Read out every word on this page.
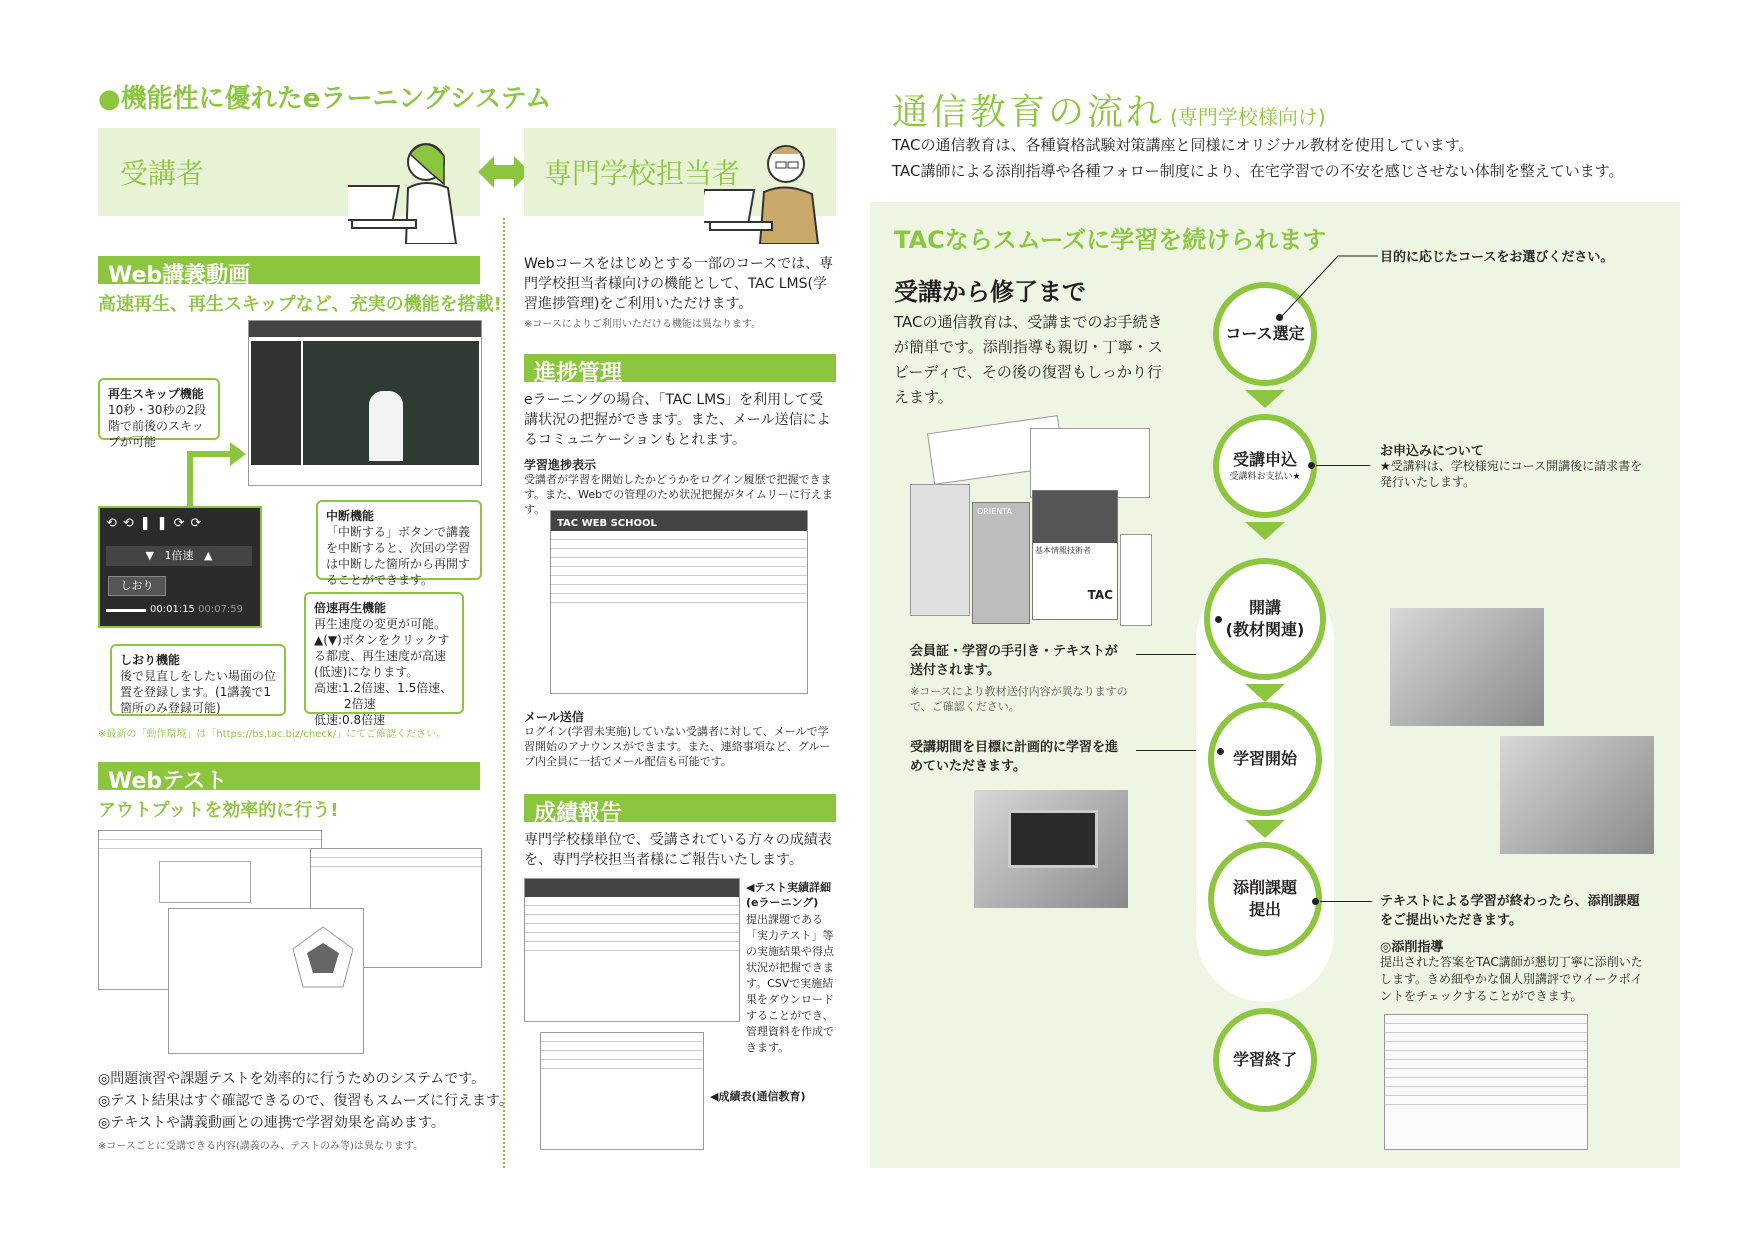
●機能性に優れたeラーニングシステム
受講者	専門学校担当者
Web講義動画
高速再生、再生スキップなど、充実の機能を搭載!
⟲⟲❚❚⟳⟳
▼ 1倍速 ▲
しおり
00:01:15 00:07:59
再生スキップ機能
10秒・30秒の2段階で前後のスキップが可能
中断機能
「中断する」ボタンで講義を中断すると、次回の学習は中断した箇所から再開することができます。
倍速再生機能
再生速度の変更が可能。▲(▼)ボタンをクリックする都度、再生速度が高速(低速)になります。
高速:1.2倍速、1.5倍速、
2倍速
低速:0.8倍速
しおり機能
後で見直しをしたい場面の位置を登録します。(1講義で1箇所のみ登録可能)
※最新の「動作環境」は「https://bs.tac.biz/check/」にてご確認ください。
Webテスト
アウトプットを効率的に行う!
◎問題演習や課題テストを効率的に行うためのシステムです。
◎テスト結果はすぐ確認できるので、復習もスムーズに行えます。
◎テキストや講義動画との連携で学習効果を高めます。
※コースごとに受講できる内容(講義のみ、テストのみ等)は異なります。
Webコースをはじめとする一部のコースでは、専門学校担当者様向けの機能として、TAC LMS(学習進捗管理)をご利用いただけます。
※コースによりご利用いただける機能は異なります。
進捗管理
eラーニングの場合、「TAC LMS」を利用して受講状況の把握ができます。また、メール送信によるコミュニケーションもとれます。
学習進捗表示
受講者が学習を開始したかどうかをログイン履歴で把握できます。また、Webでの管理のため状況把握がタイムリーに行えます。
TAC WEB SCHOOL
メール送信
ログイン(学習未実施)していない受講者に対して、メールで学習開始のアナウンスができます。また、連絡事項など、グループ内全員に一括でメール配信も可能です。
成績報告
専門学校様単位で、受講されている方々の成績表を、専門学校担当者様にご報告いたします。
◀テスト実績詳細(eラーニング)
提出課題である「実力テスト」等の実施結果や得点状況が把握できます。CSVで実施結果をダウンロードすることができ、管理資料を作成できます。
◀成績表(通信教育)
通信教育の流れ (専門学校様向け)
TACの通信教育は、各種資格試験対策講座と同様にオリジナル教材を使用しています。
TAC講師による添削指導や各種フォロー制度により、在宅学習での不安を感じさせない体制を整えています。
TACならスムーズに学習を続けられます
受講から修了まで
TACの通信教育は、受講までのお手続きが簡単です。添削指導も親切・丁寧・スピーディで、その後の復習もしっかり行えます。
ORIENTA
基本情報技術者
TAC
会員証・学習の手引き・テキストが送付されます。
※コースにより教材送付内容が異なりますので、ご確認ください。
受講期間を目標に計画的に学習を進めていただきます。
コース選定
受講申込
受講料お支払い★
開講
(教材関連)
学習開始
添削課題
提出
学習終了
目的に応じたコースをお選びください。
お申込みについて
★受講料は、学校様宛にコース開講後に請求書を発行いたします。
テキストによる学習が終わったら、添削課題をご提出いただきます。
◎添削指導
提出された答案をTAC講師が懇切丁寧に添削いたします。きめ細やかな個人別講評でウイークポイントをチェックすることができます。
